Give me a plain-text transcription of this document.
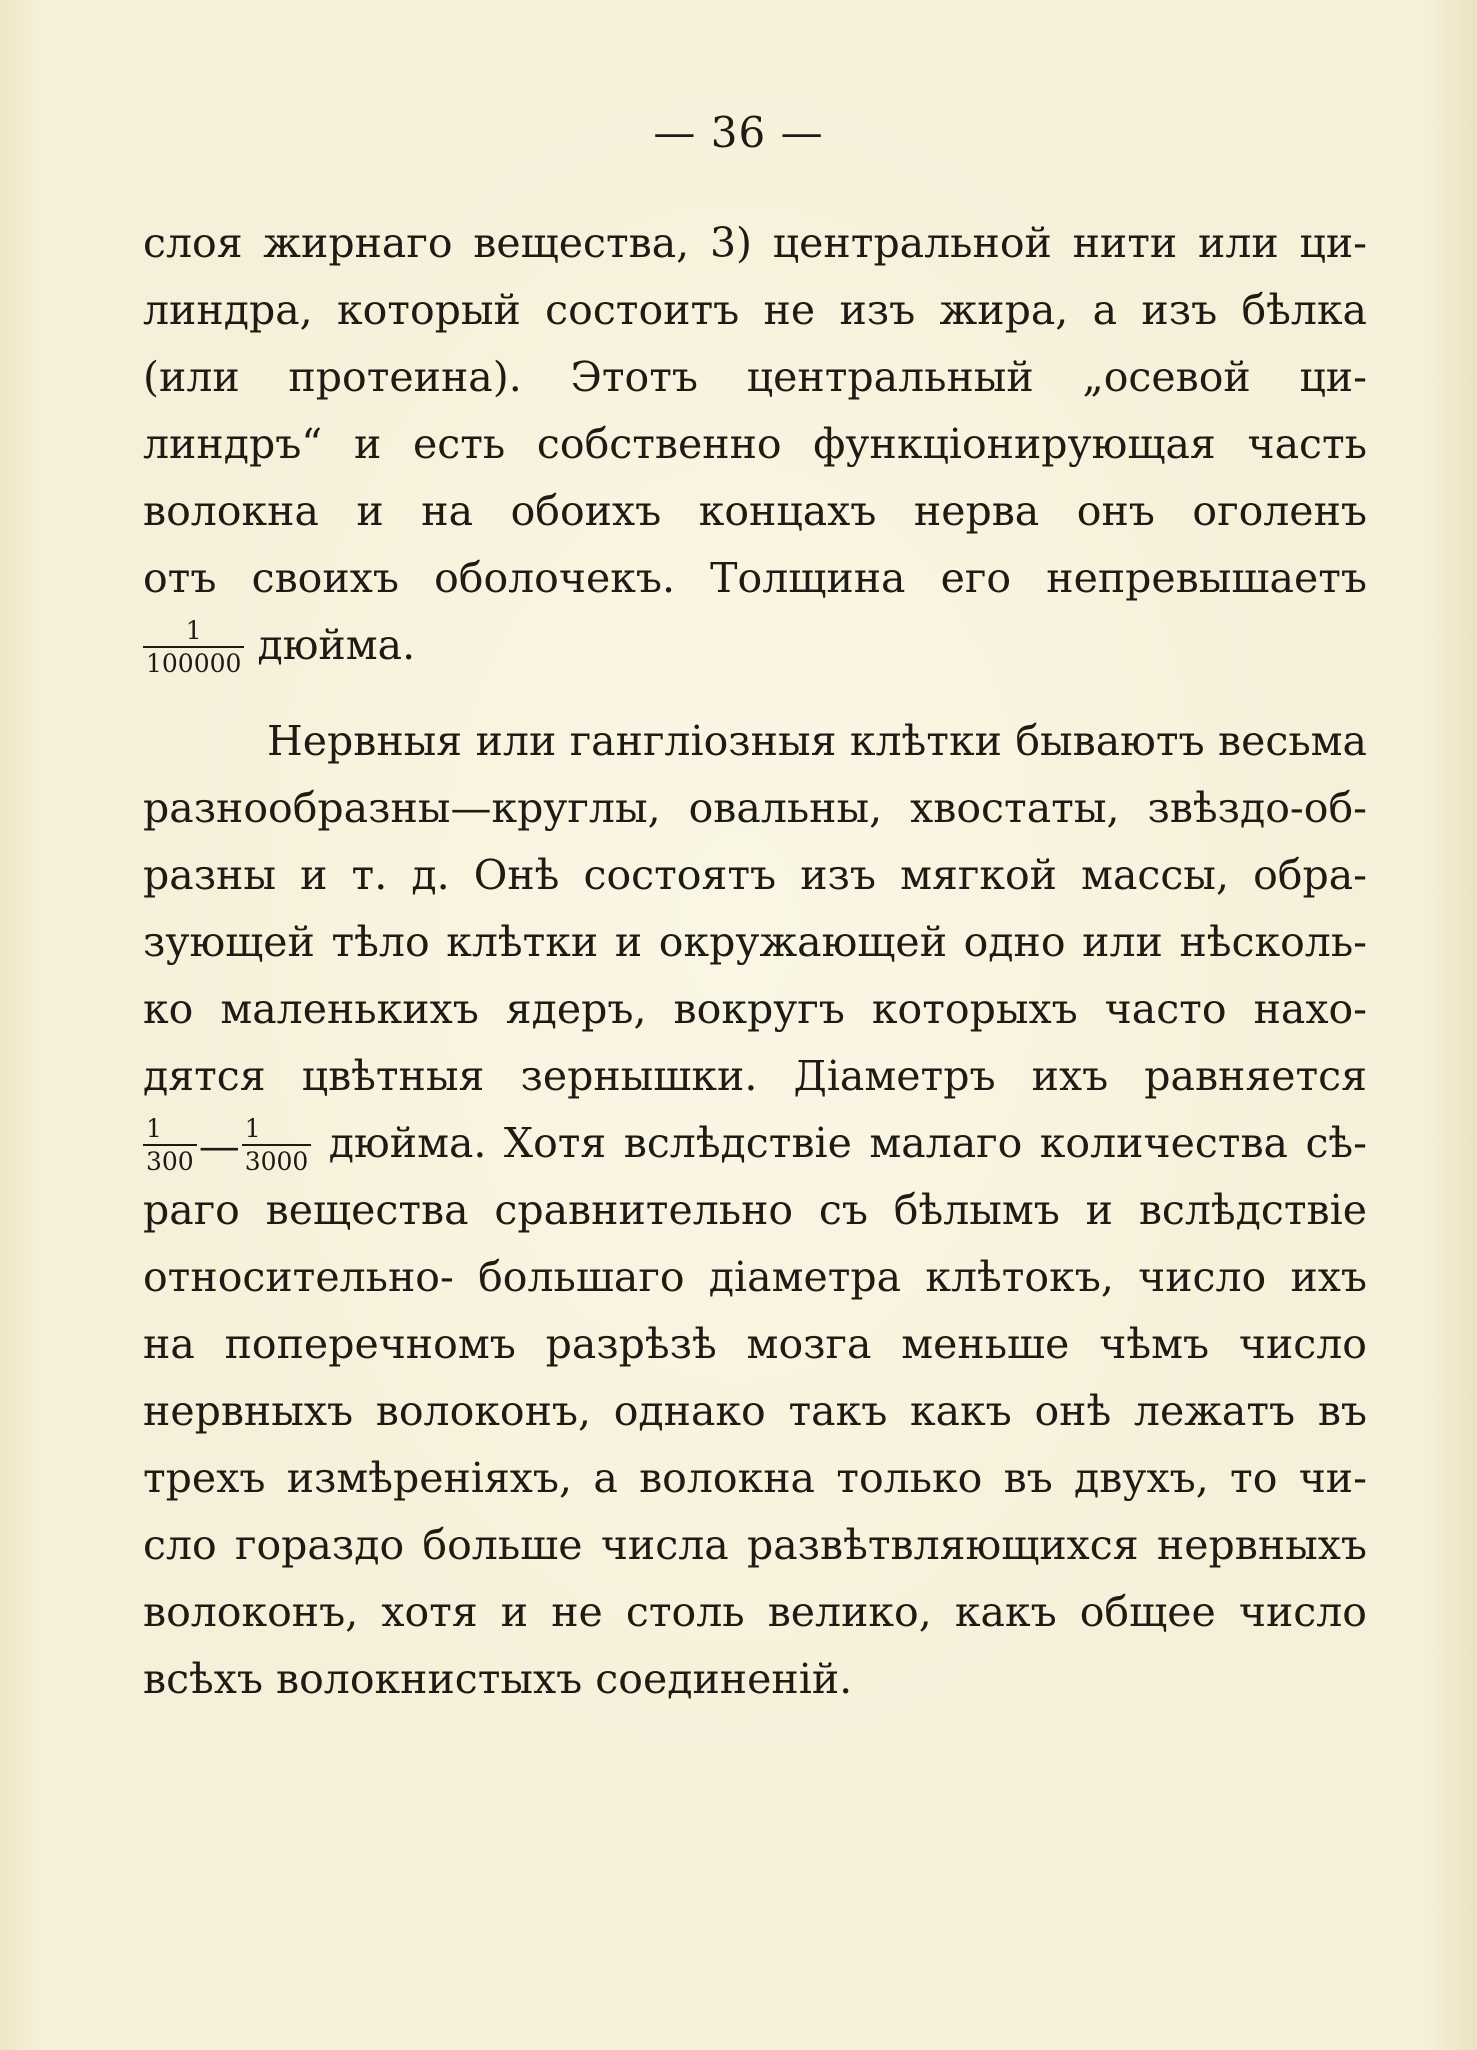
— 36 —
слоя жирнаго вещества, 3) центральной нити или ци-
линдра, который состоитъ не изъ жира, а изъ бѣлка
(или протеина). Этотъ центральный „осевой ци-
линдръ“ и есть собственно функціонирующая часть
волокна и на обоихъ концахъ нерва онъ оголенъ
отъ своихъ оболочекъ. Толщина его непревышаетъ
$\frac{1}{100000}$ дюйма.
Нервныя или ганглiозныя клѣтки бываютъ весьма
разнообразны—круглы, овальны, хвостаты, звѣздо-об-
разны и т. д. Онѣ состоятъ изъ мягкой массы, обра-
зующей тѣло клѣтки и окружающей одно или нѣсколь-
ко маленькихъ ядеръ, вокругъ которыхъ часто нахо-
дятся цвѣтныя зернышки. Дiаметръ ихъ равняется
$\frac{1}{300}$ — $\frac{1}{3000}$ дюйма. Хотя вслѣдствiе малаго количества сѣ-
раго вещества сравнительно съ бѣлымъ и вслѣдствiе
относительно- большаго дiаметра клѣтокъ, число ихъ
на поперечномъ разрѣзѣ мозга меньше чѣмъ число
нервныхъ волоконъ, однако такъ какъ онѣ лежатъ въ
трехъ измѣренiяхъ, а волокна только въ двухъ, то чи-
сло гораздо больше числа развѣтвляющихся нервныхъ
волоконъ, хотя и не столь велико, какъ общее число
всѣхъ волокнистыхъ соединенiй.
